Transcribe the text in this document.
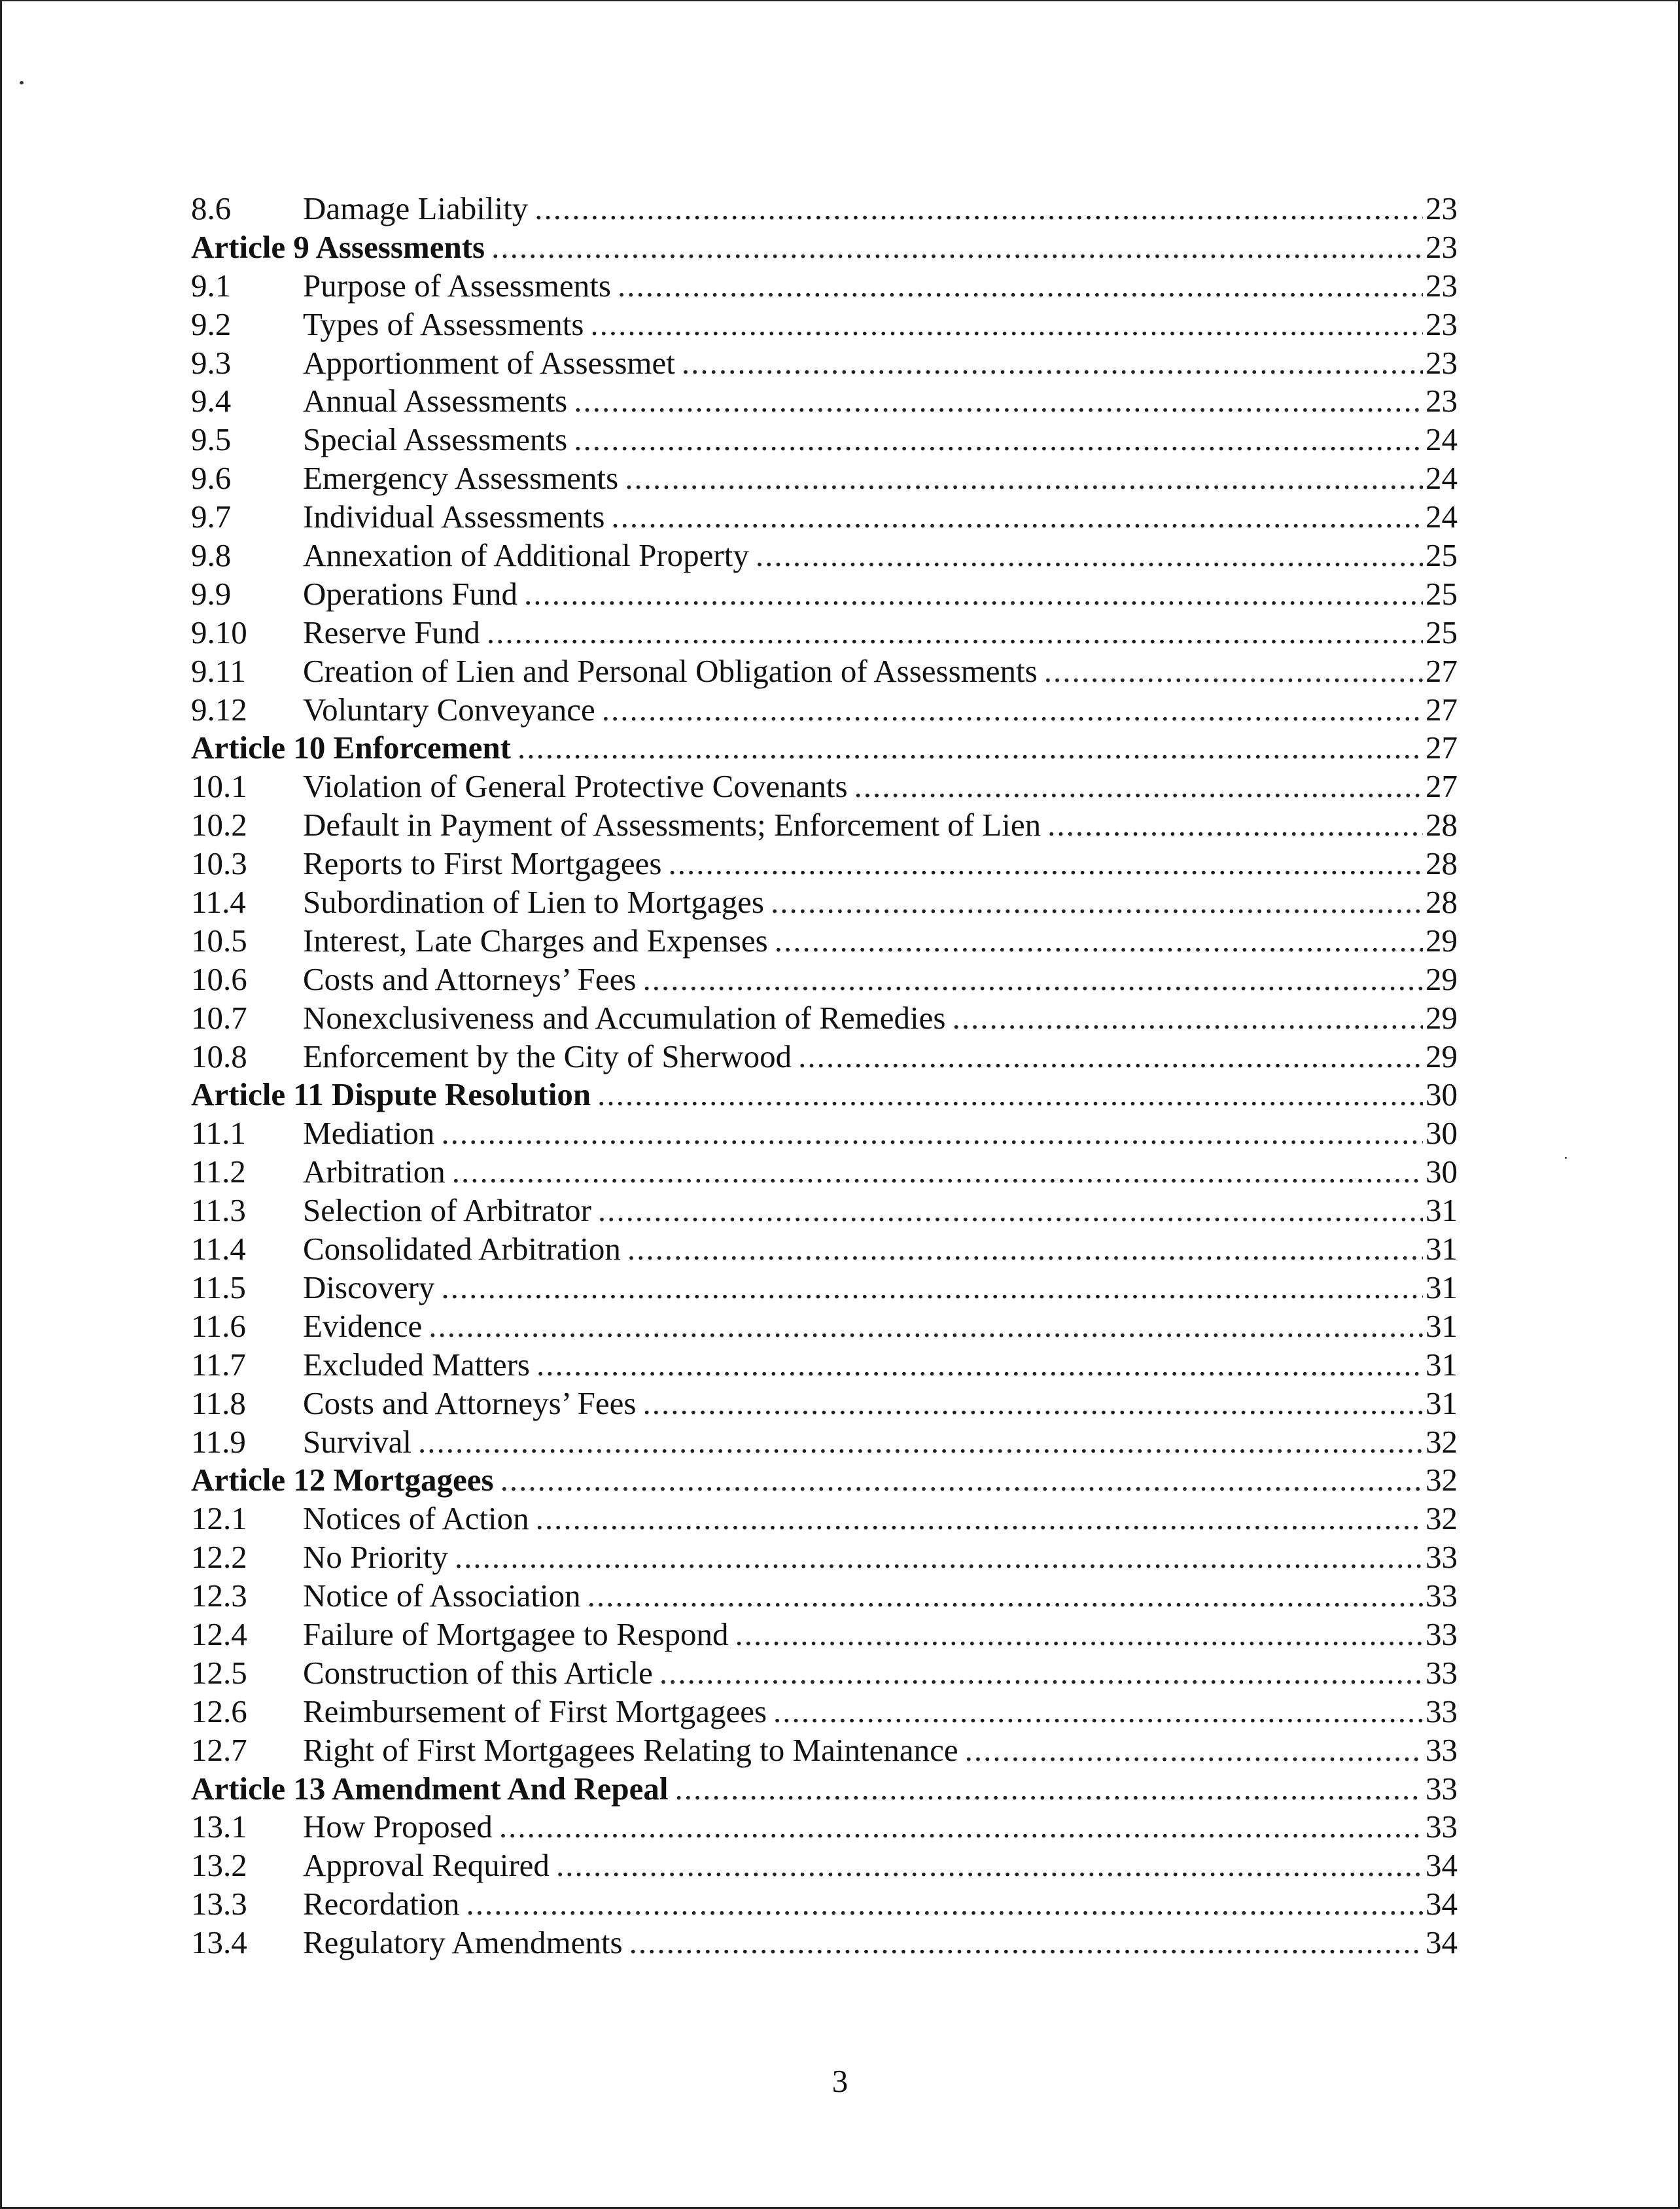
8.6	Damage Liability .....	23
Article 9 Assessments .....	23
9.1	Purpose of Assessments .....	23
9.2	Types of Assessments .....	23
9.3	Apportionment of Assessmet .....	23
9.4	Annual Assessments .....	23
9.5	Special Assessments .....	24
9.6	Emergency Assessments .....	24
9.7	Individual Assessments .....	24
9.8	Annexation of Additional Property .....	25
9.9	Operations Fund .....	25
9.10	Reserve Fund .....	25
9.11	Creation of Lien and Personal Obligation of Assessments .....	27
9.12	Voluntary Conveyance .....	27
Article 10 Enforcement .....	27
10.1	Violation of General Protective Covenants .....	27
10.2	Default in Payment of Assessments; Enforcement of Lien .....	28
10.3	Reports to First Mortgagees .....	28
11.4	Subordination of Lien to Mortgages .....	28
10.5	Interest, Late Charges and Expenses .....	29
10.6	Costs and Attorneys’ Fees .....	29
10.7	Nonexclusiveness and Accumulation of Remedies .....	29
10.8	Enforcement by the City of Sherwood .....	29
Article 11 Dispute Resolution .....	30
11.1	Mediation .....	30
11.2	Arbitration .....	30
11.3	Selection of Arbitrator .....	31
11.4	Consolidated Arbitration .....	31
11.5	Discovery .....	31
11.6	Evidence .....	31
11.7	Excluded Matters .....	31
11.8	Costs and Attorneys’ Fees .....	31
11.9	Survival .....	32
Article 12 Mortgagees .....	32
12.1	Notices of Action .....	32
12.2	No Priority .....	33
12.3	Notice of Association .....	33
12.4	Failure of Mortgagee to Respond .....	33
12.5	Construction of this Article .....	33
12.6	Reimbursement of First Mortgagees .....	33
12.7	Right of First Mortgagees Relating to Maintenance .....	33
Article 13 Amendment And Repeal .....	33
13.1	How Proposed .....	33
13.2	Approval Required .....	34
13.3	Recordation .....	34
13.4	Regulatory Amendments .....	34
3
